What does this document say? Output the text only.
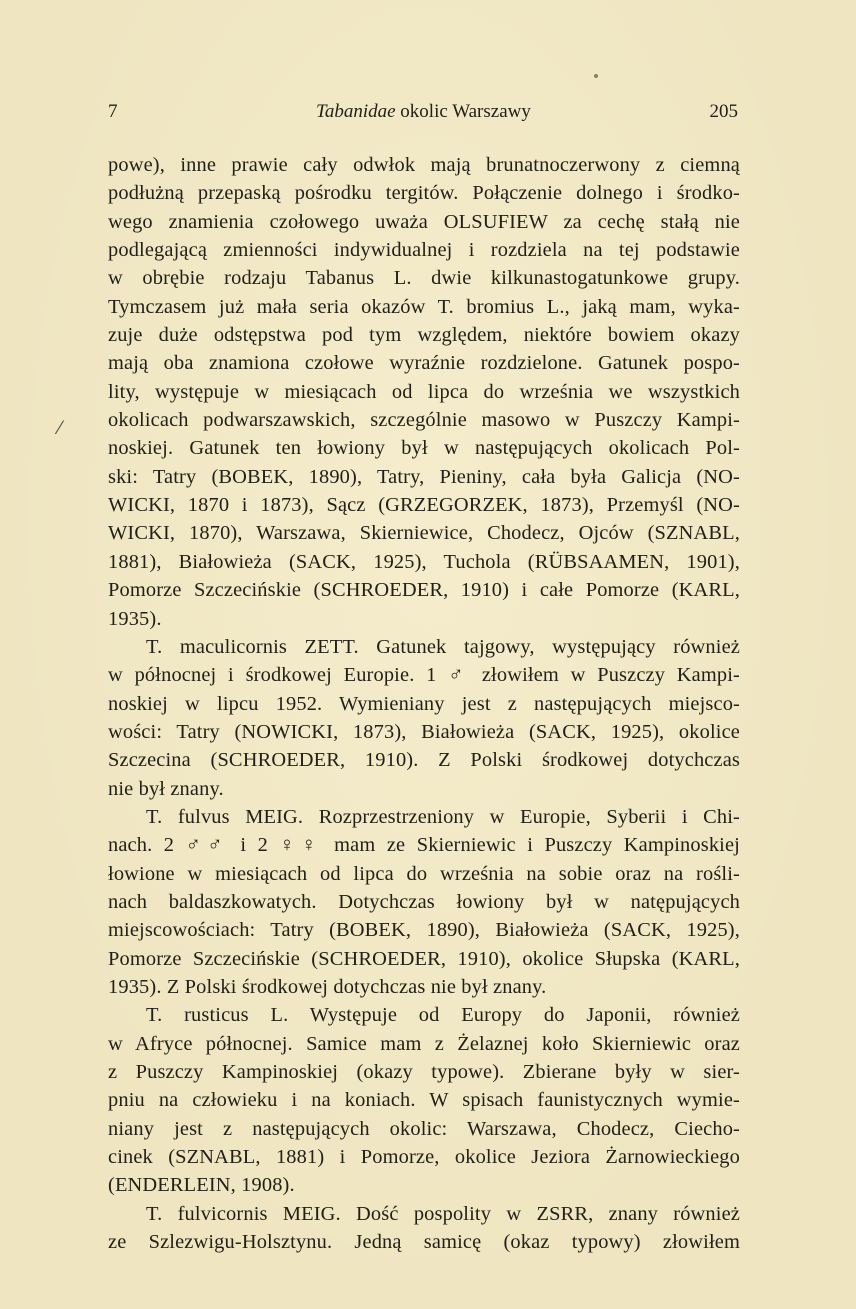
7	Tabanidae okolic Warszawy	205
⁄
powe), inne prawie cały odwłok mają brunatnoczerwony z ciemną
podłużną przepaską pośrodku tergitów. Połączenie dolnego i środko-
wego znamienia czołowego uważa OLSUFIEW za cechę stałą nie
podlegającą zmienności indywidualnej i rozdziela na tej podstawie
w obrębie rodzaju Tabanus L. dwie kilkunastogatunkowe grupy.
Tymczasem już mała seria okazów T. bromius L., jaką mam, wyka-
zuje duże odstępstwa pod tym względem, niektóre bowiem okazy
mają oba znamiona czołowe wyraźnie rozdzielone. Gatunek pospo-
lity, występuje w miesiącach od lipca do września we wszystkich
okolicach podwarszawskich, szczególnie masowo w Puszczy Kampi-
noskiej. Gatunek ten łowiony był w następujących okolicach Pol-
ski: Tatry (BOBEK, 1890), Tatry, Pieniny, cała była Galicja (NO-
WICKI, 1870 i 1873), Sącz (GRZEGORZEK, 1873), Przemyśl (NO-
WICKI, 1870), Warszawa, Skierniewice, Chodecz, Ojców (SZNABL,
1881), Białowieża (SACK, 1925), Tuchola (RÜBSAAMEN, 1901),
Pomorze Szczecińskie (SCHROEDER, 1910) i całe Pomorze (KARL,
1935).
T. maculicornis ZETT. Gatunek tajgowy, występujący również
w północnej i środkowej Europie. 1 ♂ złowiłem w Puszczy Kampi-
noskiej w lipcu 1952. Wymieniany jest z następujących miejsco-
wości: Tatry (NOWICKI, 1873), Białowieża (SACK, 1925), okolice
Szczecina (SCHROEDER, 1910). Z Polski środkowej dotychczas
nie był znany.
T. fulvus MEIG. Rozprzestrzeniony w Europie, Syberii i Chi-
nach. 2 ♂♂ i 2 ♀♀ mam ze Skierniewic i Puszczy Kampinoskiej
łowione w miesiącach od lipca do września na sobie oraz na rośli-
nach baldaszkowatych. Dotychczas łowiony był w natępujących
miejscowościach: Tatry (BOBEK, 1890), Białowieża (SACK, 1925),
Pomorze Szczecińskie (SCHROEDER, 1910), okolice Słupska (KARL,
1935). Z Polski środkowej dotychczas nie był znany.
T. rusticus L. Występuje od Europy do Japonii, również
w Afryce północnej. Samice mam z Żelaznej koło Skierniewic oraz
z Puszczy Kampinoskiej (okazy typowe). Zbierane były w sier-
pniu na człowieku i na koniach. W spisach faunistycznych wymie-
niany jest z następujących okolic: Warszawa, Chodecz, Ciecho-
cinek (SZNABL, 1881) i Pomorze, okolice Jeziora Żarnowieckiego
(ENDERLEIN, 1908).
T. fulvicornis MEIG. Dość pospolity w ZSRR, znany również
ze Szlezwigu-Holsztynu. Jedną samicę (okaz typowy) złowiłem
